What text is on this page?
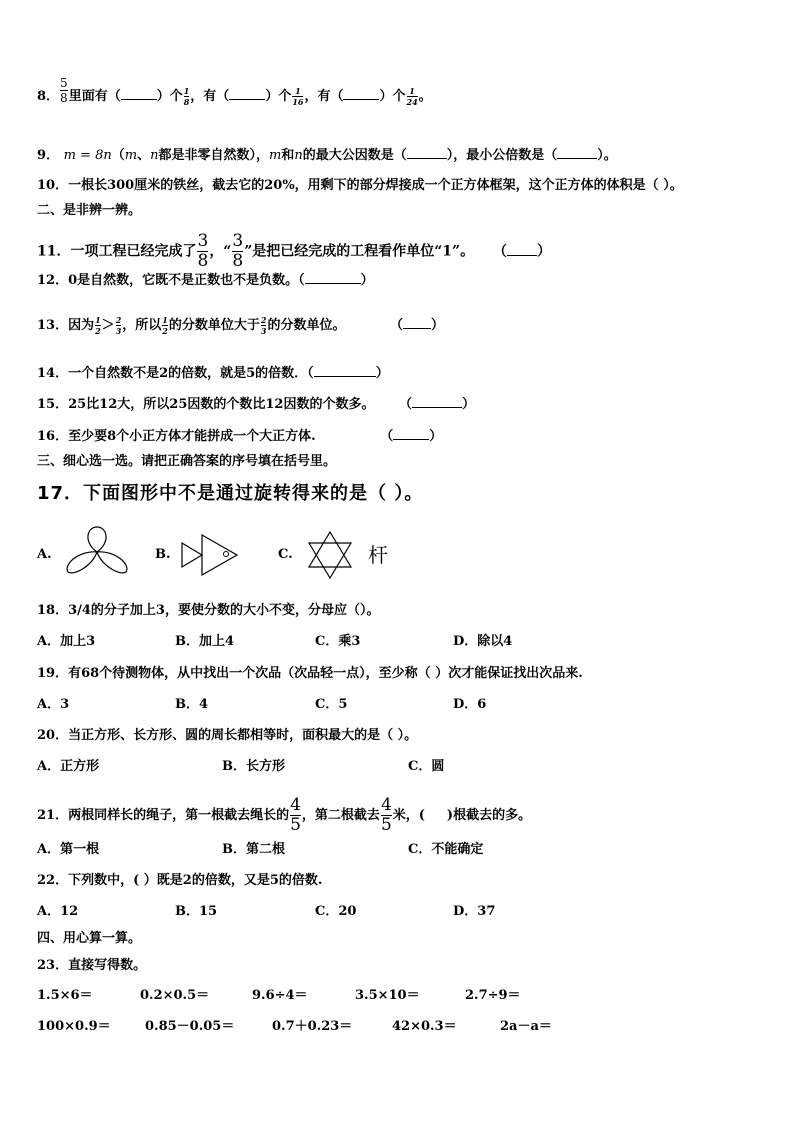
8． $\frac{5}{8}$ 里面有（	）个 $\frac{1}{8}$ ，有（	）个 $\frac{1}{16}$ ，有（	）个 $\frac{1}{24}$ 。
9． m = 8n（m、n都是非零自然数），m和n的最大公因数是（	），最小公倍数是（	）。
10．一根长300厘米的铁丝，截去它的20%，用剩下的部分焊接成一个正方体框架，这个正方体的体积是（ ）。
二、是非辨一辨。
11．一项工程已经完成了 $\frac{3}{8}$ ，“ $\frac{3}{8}$ ”是把已经完成的工程看作单位“1”。 （ ）
12．0是自然数，它既不是正数也不是负数。（	）
13．因为 $\frac{1}{2} > \frac{2}{3}$ ，所以 $\frac{1}{2}$ 的分数单位大于 $\frac{2}{3}$ 的分数单位。	（ ）
14．一个自然数不是2的倍数，就是5的倍数．（	）
15．25比12大，所以25因数的个数比12因数的个数多。 （	）
16．至少要8个小正方体才能拼成一个大正方体.	（	）
三、细心选一选。请把正确答案的序号填在括号里。
17．下面图形中不是通过旋转得来的是（ ）。
A.	B.	C.	杆
18．3/4的分子加上3，要使分数的大小不变，分母应（）。
A．加上3	B．加上4	C．乘3	D．除以4
19．有68个待测物体，从中找出一个次品（次品轻一点），至少称（ ）次才能保证找出次品来.
A．3	B．4	C．5	D．6
20．当正方形、长方形、圆的周长都相等时，面积最大的是（ ）。
A．正方形	B．长方形	C．圆
21．两根同样长的绳子，第一根截去绳长的 $\frac{4}{5}$ ，第二根截去 $\frac{4}{5}$ 米，( )根截去的多。
A．第一根	B．第二根	C．不能确定
22．下列数中，( ）既是2的倍数，又是5的倍数.
A．12	B．15	C．20	D．37
四、用心算一算。
23．直接写得数。
1.5×6＝	0.2×0.5＝	9.6÷4＝	3.5×10＝	2.7÷9＝
100×0.9＝	0.85－0.05＝	0.7＋0.23＝	42×0.3＝	2a－a＝
